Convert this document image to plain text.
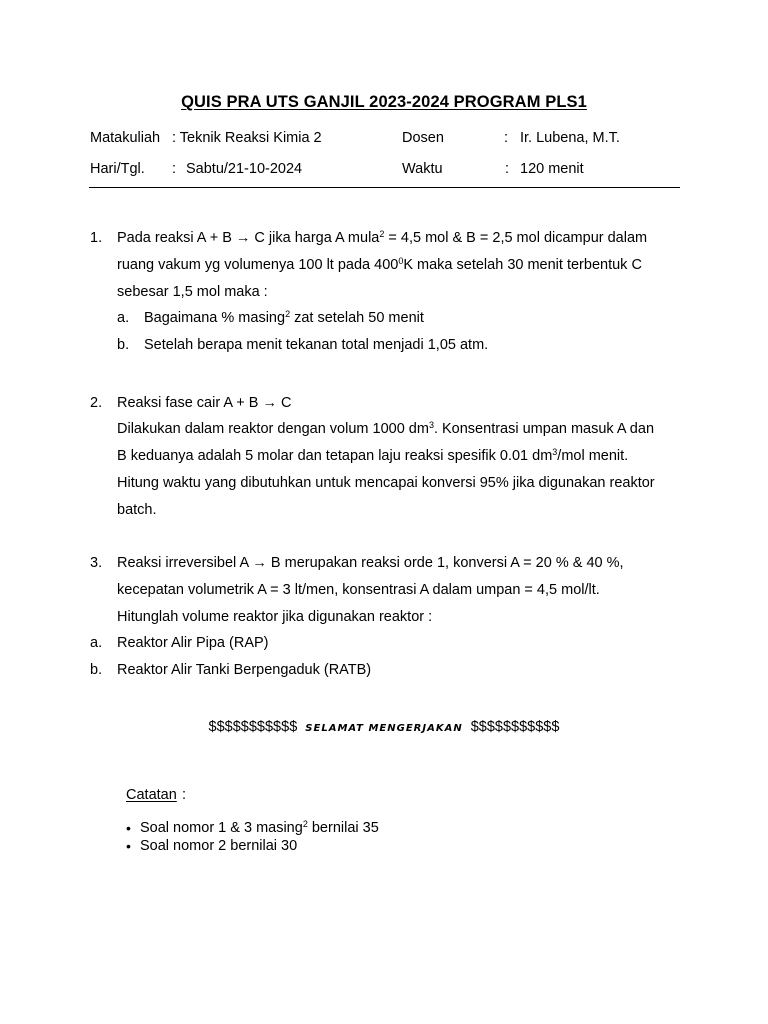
QUIS PRA UTS GANJIL 2023-2024 PROGRAM PLS1
Matakuliah : Teknik Reaksi Kimia 2	Dosen	: Ir. Lubena, M.T.
Hari/Tgl. : Sabtu/21-10-2024	Waktu	: 120 menit
1. Pada reaksi A + B → C jika harga A mula$^2$ = 4,5 mol & B = 2,5 mol dicampur dalam
ruang vakum yg volumenya 100 lt pada $400^0K$ maka setelah 30 menit terbentuk C
sebesar 1,5 mol maka :
a. Bagaimana % masing$^2$ zat setelah 50 menit
b. Setelah berapa menit tekanan total menjadi 1,05 atm.
2. Reaksi fase cair A + B → C
Dilakukan dalam reaktor dengan volum 1000 $dm^3$. Konsentrasi umpan masuk A dan
B keduanya adalah 5 molar dan tetapan laju reaksi spesifik 0.01 $dm^3$/mol menit.
Hitung waktu yang dibutuhkan untuk mencapai konversi 95% jika digunakan reaktor
batch.
3. Reaksi irreversibel A → B merupakan reaksi orde 1, konversi A = 20 % & 40 %,
kecepatan volumetrik A = 3 lt/men, konsentrasi A dalam umpan = 4,5 mol/lt.
Hitunglah volume reaktor jika digunakan reaktor :
a. Reaktor Alir Pipa (RAP)
b. Reaktor Alir Tanki Berpengaduk (RATB)
$$$$$$$$$$$ SELAMAT MENGERJAKAN $$$$$$$$$$$
Catatan :
• Soal nomor 1 & 3 masing$^2$ bernilai 35
• Soal nomor 2 bernilai 30
